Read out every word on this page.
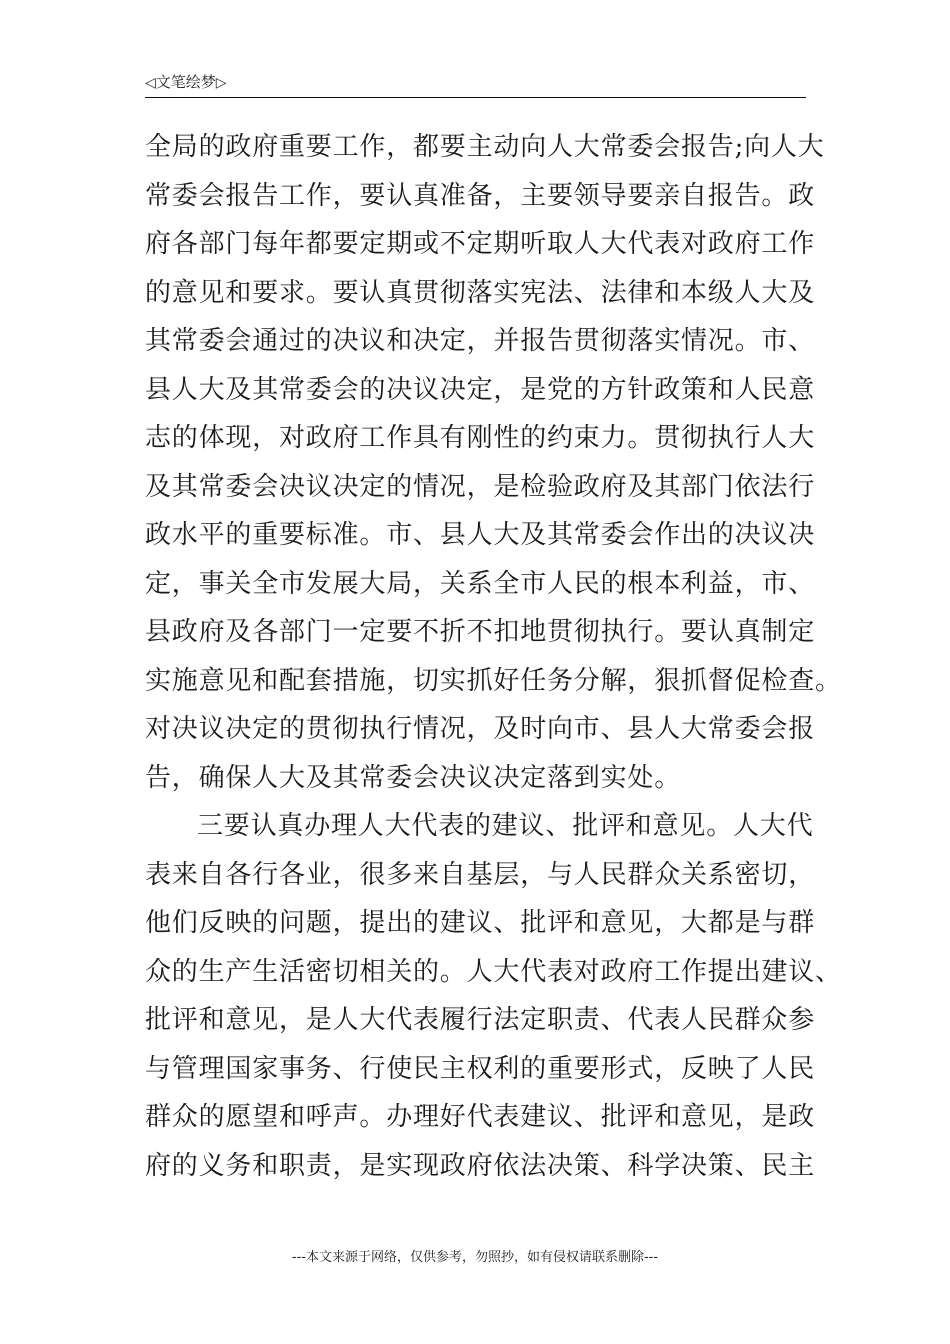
◁文笔绘梦▷
全局的政府重要工作，都要主动向人大常委会报告;向人大
常委会报告工作，要认真准备，主要领导要亲自报告。政
府各部门每年都要定期或不定期听取人大代表对政府工作
的意见和要求。要认真贯彻落实宪法、法律和本级人大及
其常委会通过的决议和决定，并报告贯彻落实情况。市、
县人大及其常委会的决议决定，是党的方针政策和人民意
志的体现，对政府工作具有刚性的约束力。贯彻执行人大
及其常委会决议决定的情况，是检验政府及其部门依法行
政水平的重要标准。市、县人大及其常委会作出的决议决
定，事关全市发展大局，关系全市人民的根本利益，市、
县政府及各部门一定要不折不扣地贯彻执行。要认真制定
实施意见和配套措施，切实抓好任务分解，狠抓督促检查。
对决议决定的贯彻执行情况，及时向市、县人大常委会报
告，确保人大及其常委会决议决定落到实处。
三要认真办理人大代表的建议、批评和意见。人大代
表来自各行各业，很多来自基层，与人民群众关系密切，
他们反映的问题，提出的建议、批评和意见，大都是与群
众的生产生活密切相关的。人大代表对政府工作提出建议、
批评和意见，是人大代表履行法定职责、代表人民群众参
与管理国家事务、行使民主权利的重要形式，反映了人民
群众的愿望和呼声。办理好代表建议、批评和意见，是政
府的义务和职责，是实现政府依法决策、科学决策、民主
---本文来源于网络，仅供参考，勿照抄，如有侵权请联系删除---
